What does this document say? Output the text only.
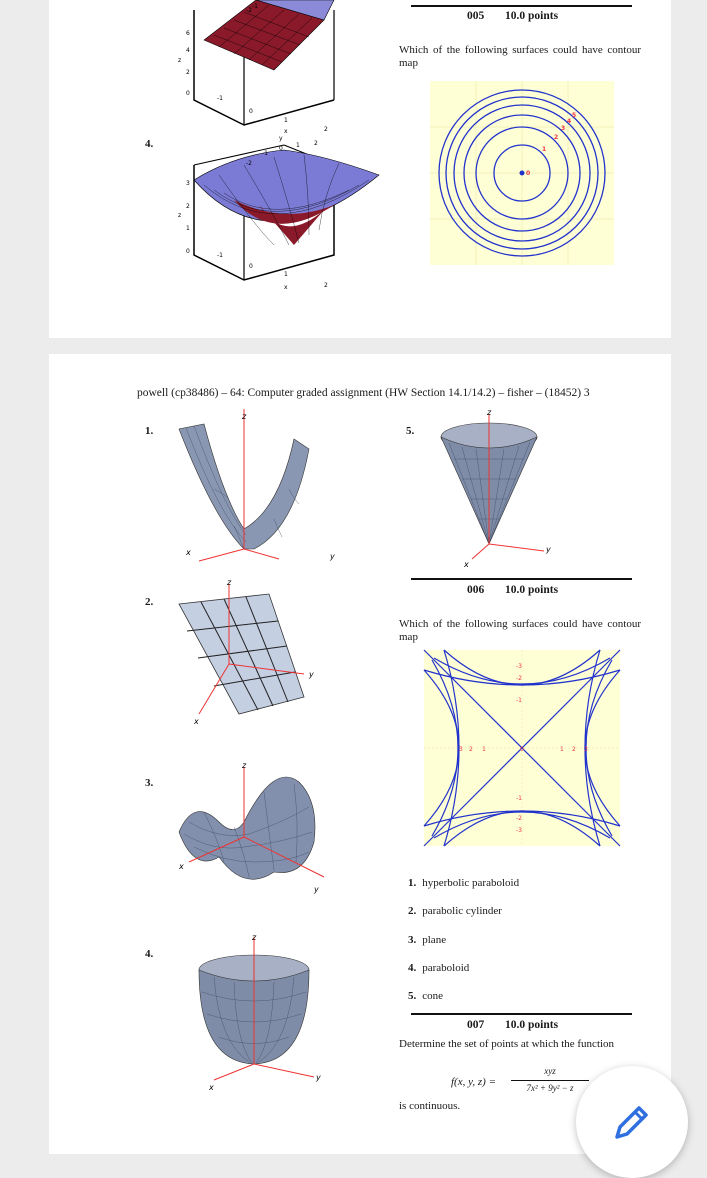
-1
-2
6
4
2
0
z
0
1
2
x
-1
4.
3
2
1
0
z
-2
-1
0 1 2
y
0
1
2
x
-1
005 10.0 points
Which of the following surfaces could have contour map
0
1
2
3
4
5
powell (cp38486) – 64: Computer graded assignment (HW Section 14.1/14.2) – fisher – (18452) 3
1.
z
y
x
5.
z
y
x
2.
z
y
x
3.
z
y
x
4.
z
y
x
006 10.0 points
Which of the following surfaces could have contour map
-3
-2
-1
0
-1
-2
-3
1
2
3	1 2 3
1. hyperbolic paraboloid
2. parabolic cylinder
3. plane
4. paraboloid
5. cone
007 10.0 points
Determine the set of points at which the function
f(x, y, z) =
xyz
7x² + 9y² − z
is continuous.
